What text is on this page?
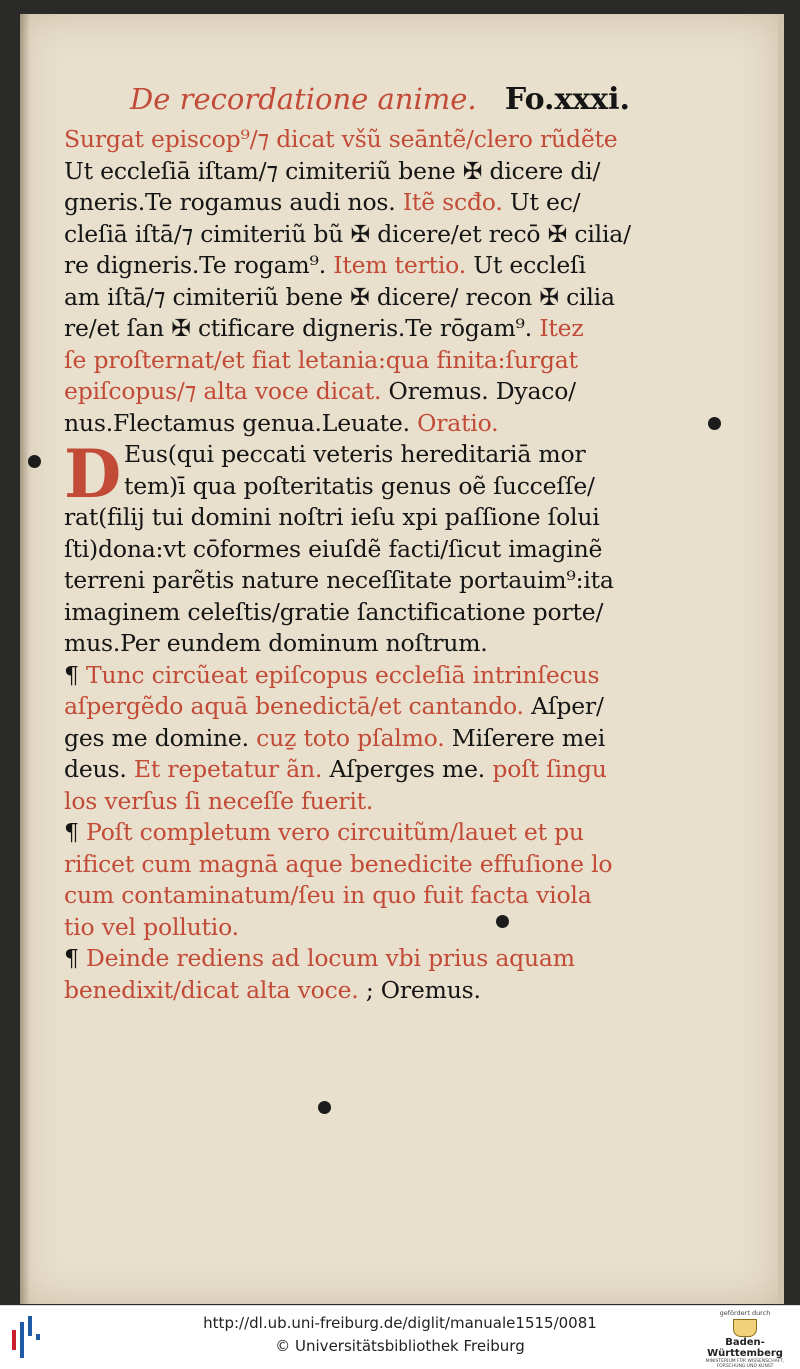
De recordatione anime. Fo.xxxi.
D
Surgat episcop⁹/⁊ dicat ᴠšũ seāntẽ/clero rũdẽte
Ut eccleſiā iſtam/⁊ cimiteriũ bene ✠ dicere di/
gneris.Te rogamus audi nos. Itẽ scđo. Ut ec/
cleſiā iſtā/⁊ cimiteriũ bũ ✠ dicere/et recō ✠ cilia/
re digneris.Te rogam⁹. Item tertio. Ut eccleſi
am iſtā/⁊ cimiteriũ bene ✠ dicere/ recon ✠ cilia
re/et ſan ✠ ctificare digneris.Te rōgam⁹. Itez
ſe proſternat/et fiat letania:qua finita:ſurgat
epiſcopus/⁊ alta voce dicat. Oremus. Dyaco/
nus.Flectamus genua.Leuate. Oratio.
Eus(qui peccati veteris hereditariā mor
tem)ī qua poſteritatis genus oẽ ſucceſſe/
rat(filij tui domini noſtri ieſu xpi paſſione ſolui
ſti)dona:vt cōformes eiuſdẽ facti/ſicut imaginẽ
terreni parẽtis nature neceſſitate portauim⁹:ita
imaginem celeſtis/gratie ſanctificatione porte/
mus.Per eundem dominum noſtrum.
¶ Tunc circũeat epiſcopus eccleſiā intrinſecus
aſpergẽdo aquā benedictā/et cantando. Aſper/
ges me domine. cuẕ toto pſalmo. Miſerere mei
deus. Et repetatur ãn. Aſperges me. poſt ſingu
los verſus ſi neceſſe fuerit.
¶ Poſt completum vero circuitũm/lauet et pu
rificet cum magnā aque benedicite effuſione lo
cum contaminatum/ſeu in quo fuit facta viola
tio vel pollutio.
¶ Deinde rediens ad locum vbi prius aquam
benedixit/dicat alta voce. ; Oremus.
http://dl.ub.uni-freiburg.de/diglit/manuale1515/0081
© Universitätsbibliothek Freiburg
gefördert durch
Baden-Württemberg
MINISTERIUM FÜR WISSENSCHAFT, FORSCHUNG UND KUNST
